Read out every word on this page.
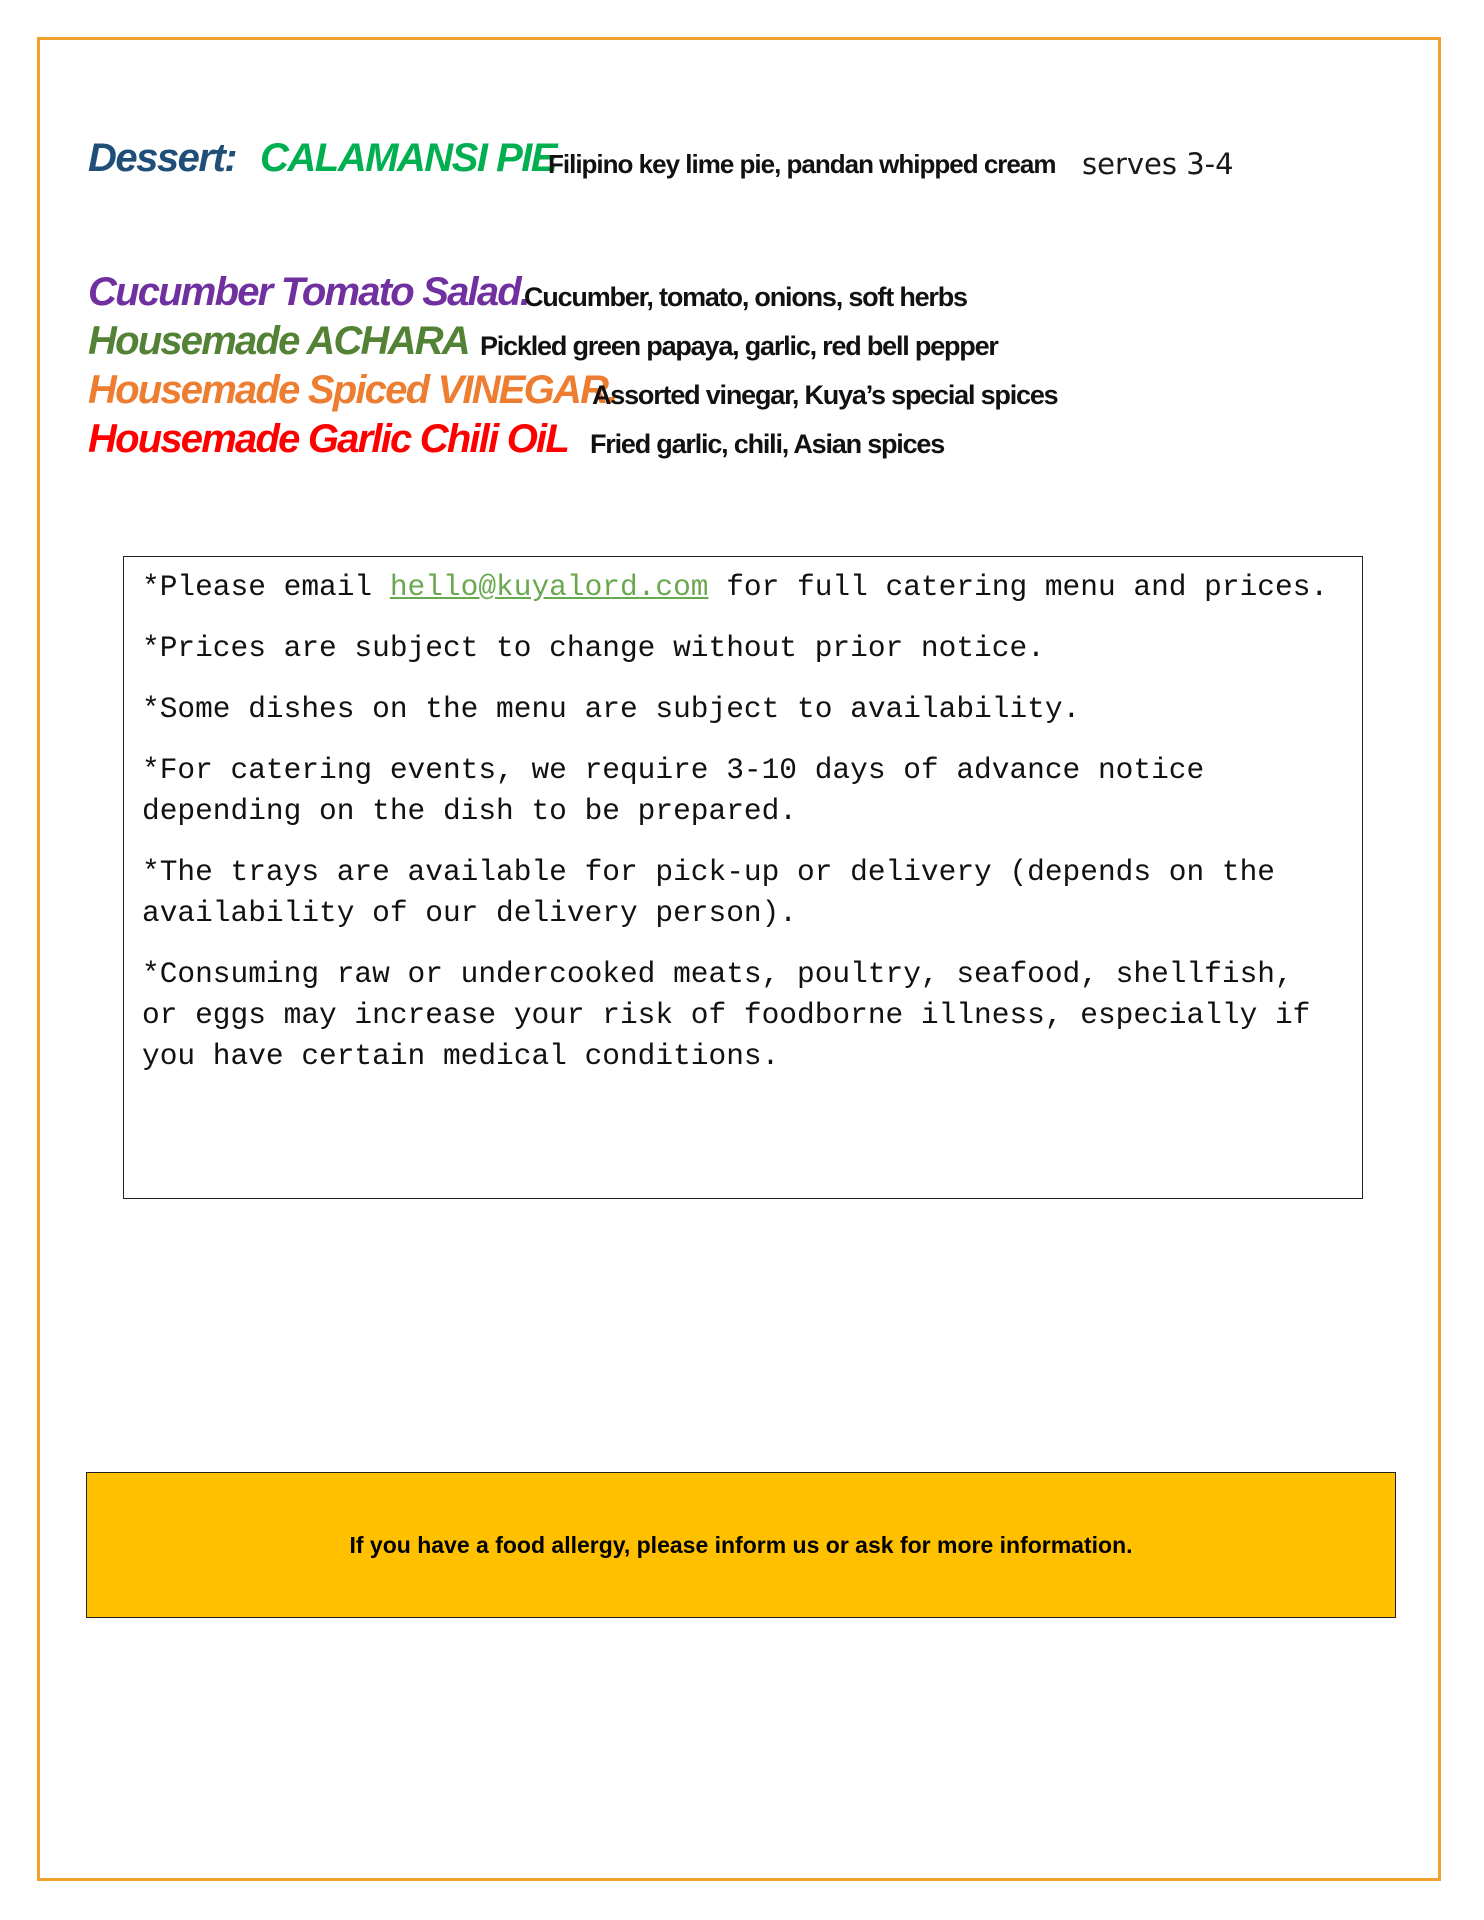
Dessert: CALAMANSI PIE
Filipino key lime pie, pandan whipped cream serves 3-4
Cucumber Tomato Salad.
Cucumber, tomato, onions, soft herbs
Housemade ACHARA Pickled green papaya, garlic, red bell pepper
Housemade Spiced VINEGAR.
Assorted vinegar, Kuya’s special spices
Housemade Garlic Chili OiL Fried garlic, chili, Asian spices

*Please email hello@kuyalord.com for full catering menu and prices.

*Prices are subject to change without prior notice.

*Some dishes on the menu are subject to availability.

*For catering events, we require 3-10 days of advance notice depending on the dish to be prepared.

*The trays are available for pick-up or delivery (depends on the availability of our delivery person).

*Consuming raw or undercooked meats, poultry, seafood, shellfish, or eggs may increase your risk of foodborne illness, especially if you have certain medical conditions.

If you have a food allergy, please inform us or ask for more information.
